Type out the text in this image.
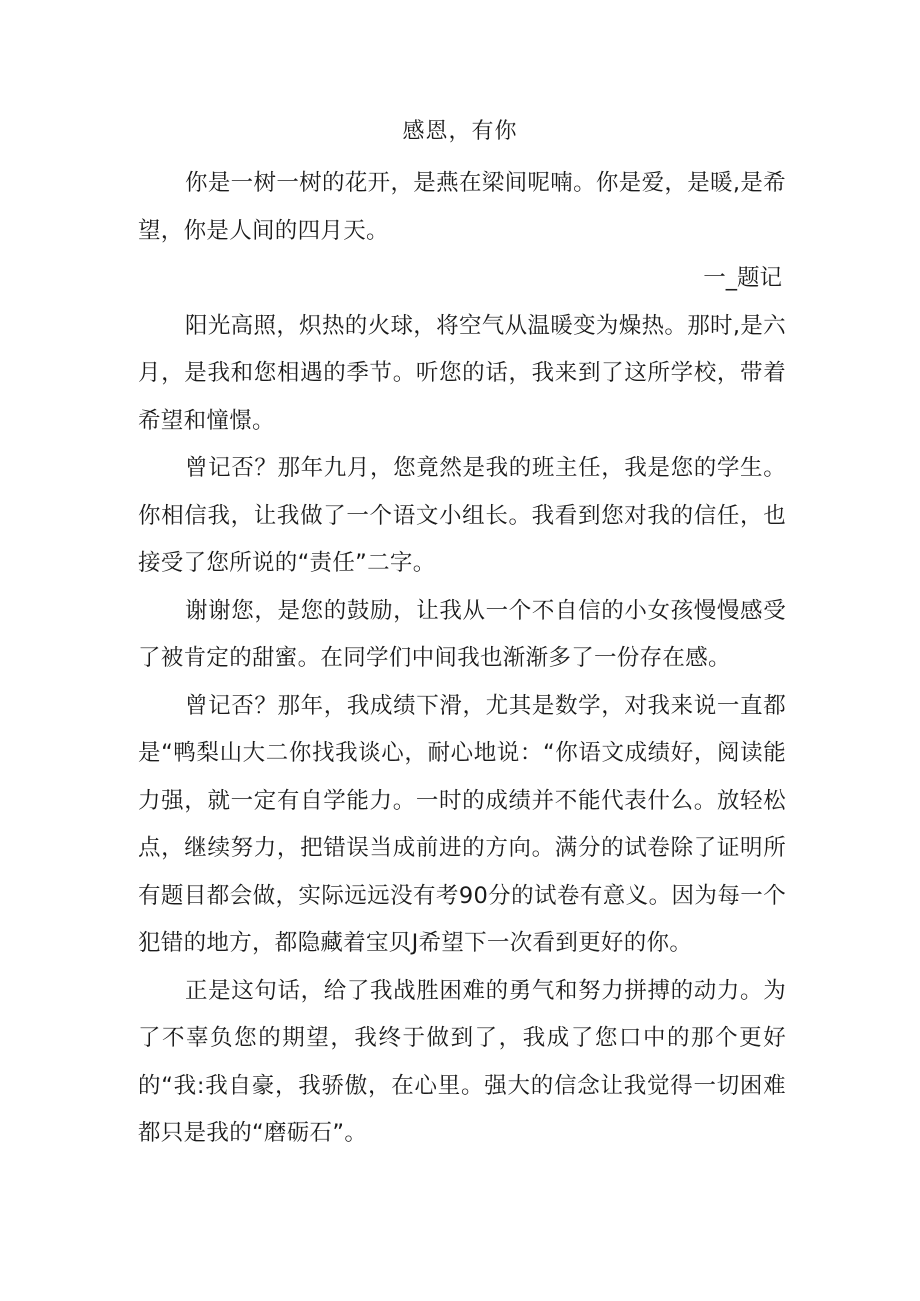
感恩，有你

你是一树一树的花开，是燕在梁间呢喃。你是爱，是暖,是希望，你是人间的四月天。

一_题记

阳光高照，炽热的火球，将空气从温暖变为燥热。那时,是六月，是我和您相遇的季节。听您的话，我来到了这所学校，带着希望和憧憬。

曾记否？那年九月，您竟然是我的班主任，我是您的学生。你相信我，让我做了一个语文小组长。我看到您对我的信任，也接受了您所说的“责任”二字。

谢谢您，是您的鼓励，让我从一个不自信的小女孩慢慢感受了被肯定的甜蜜。在同学们中间我也渐渐多了一份存在感。

曾记否？那年，我成绩下滑，尤其是数学，对我来说一直都是“鸭梨山大二你找我谈心，耐心地说：“你语文成绩好，阅读能力强，就一定有自学能力。一时的成绩并不能代表什么。放轻松点，继续努力，把错误当成前进的方向。满分的试卷除了证明所有题目都会做，实际远远没有考90分的试卷有意义。因为每一个犯错的地方，都隐藏着宝贝J希望下一次看到更好的你。

正是这句话，给了我战胜困难的勇气和努力拼搏的动力。为了不辜负您的期望，我终于做到了，我成了您口中的那个更好的“我:我自豪，我骄傲，在心里。强大的信念让我觉得一切困难都只是我的“磨砺石”。
